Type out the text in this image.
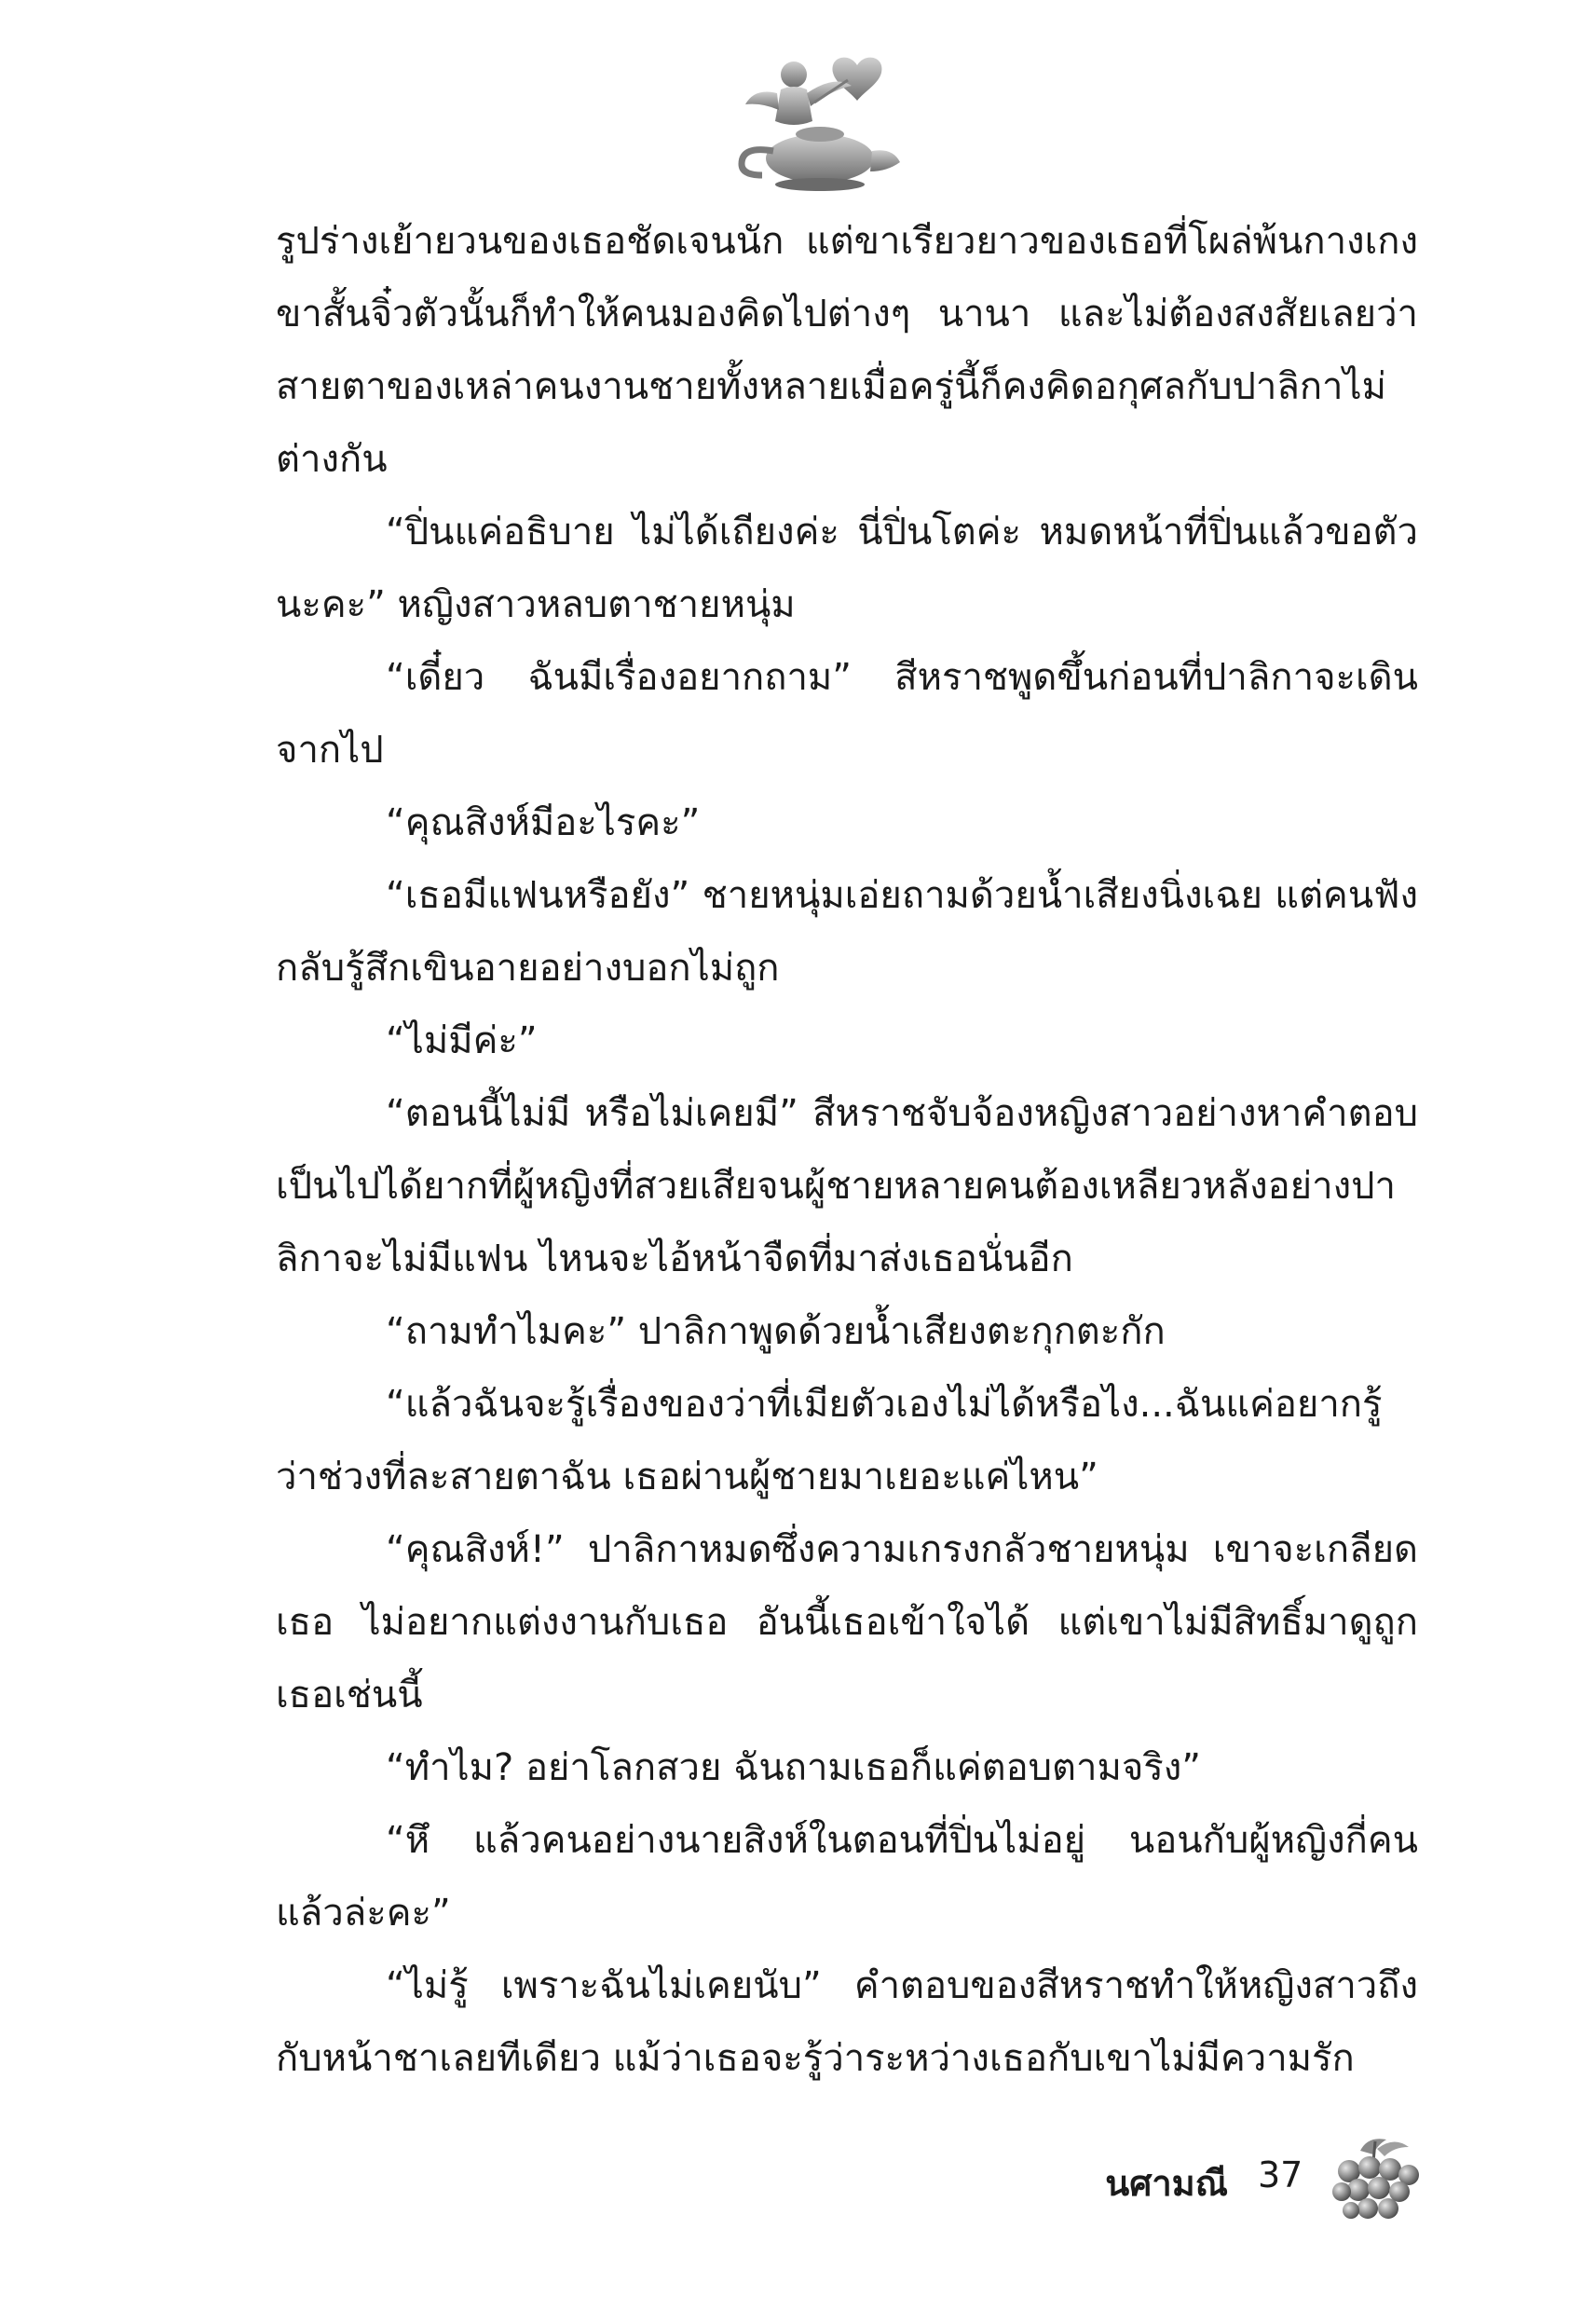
รูปร่างเย้ายวนของเธอชัดเจนนัก แต่ขาเรียวยาวของเธอที่โผล่พ้นกางเกงขาสั้นจิ๋วตัวนั้นก็ทำให้คนมองคิดไปต่างๆ นานา และไม่ต้องสงสัยเลยว่าสายตาของเหล่าคนงานชายทั้งหลายเมื่อครู่นี้ก็คงคิดอกุศลกับปาลิกาไม่ต่างกัน

“ปิ่นแค่อธิบาย ไม่ได้เถียงค่ะ นี่ปิ่นโตค่ะ หมดหน้าที่ปิ่นแล้วขอตัวนะคะ” หญิงสาวหลบตาชายหนุ่ม

“เดี๋ยว ฉันมีเรื่องอยากถาม” สีหราชพูดขึ้นก่อนที่ปาลิกาจะเดินจากไป

“คุณสิงห์มีอะไรคะ”

“เธอมีแฟนหรือยัง” ชายหนุ่มเอ่ยถามด้วยน้ำเสียงนิ่งเฉย แต่คนฟังกลับรู้สึกเขินอายอย่างบอกไม่ถูก

“ไม่มีค่ะ”

“ตอนนี้ไม่มี หรือไม่เคยมี” สีหราชจับจ้องหญิงสาวอย่างหาคำตอบ เป็นไปได้ยากที่ผู้หญิงที่สวยเสียจนผู้ชายหลายคนต้องเหลียวหลังอย่างปาลิกาจะไม่มีแฟน ไหนจะไอ้หน้าจืดที่มาส่งเธอนั่นอีก

“ถามทำไมคะ” ปาลิกาพูดด้วยน้ำเสียงตะกุกตะกัก

“แล้วฉันจะรู้เรื่องของว่าที่เมียตัวเองไม่ได้หรือไง...ฉันแค่อยากรู้ว่าช่วงที่ละสายตาฉัน เธอผ่านผู้ชายมาเยอะแค่ไหน”

“คุณสิงห์!” ปาลิกาหมดซึ่งความเกรงกลัวชายหนุ่ม เขาจะเกลียดเธอ ไม่อยากแต่งงานกับเธอ อันนี้เธอเข้าใจได้ แต่เขาไม่มีสิทธิ์มาดูถูกเธอเช่นนี้

“ทำไม? อย่าโลกสวย ฉันถามเธอก็แค่ตอบตามจริง”

“หึ แล้วคนอย่างนายสิงห์ในตอนที่ปิ่นไม่อยู่ นอนกับผู้หญิงกี่คนแล้วล่ะคะ”

“ไม่รู้ เพราะฉันไม่เคยนับ” คำตอบของสีหราชทำให้หญิงสาวถึงกับหน้าชาเลยทีเดียว แม้ว่าเธอจะรู้ว่าระหว่างเธอกับเขาไม่มีความรัก

นศามณี 37
